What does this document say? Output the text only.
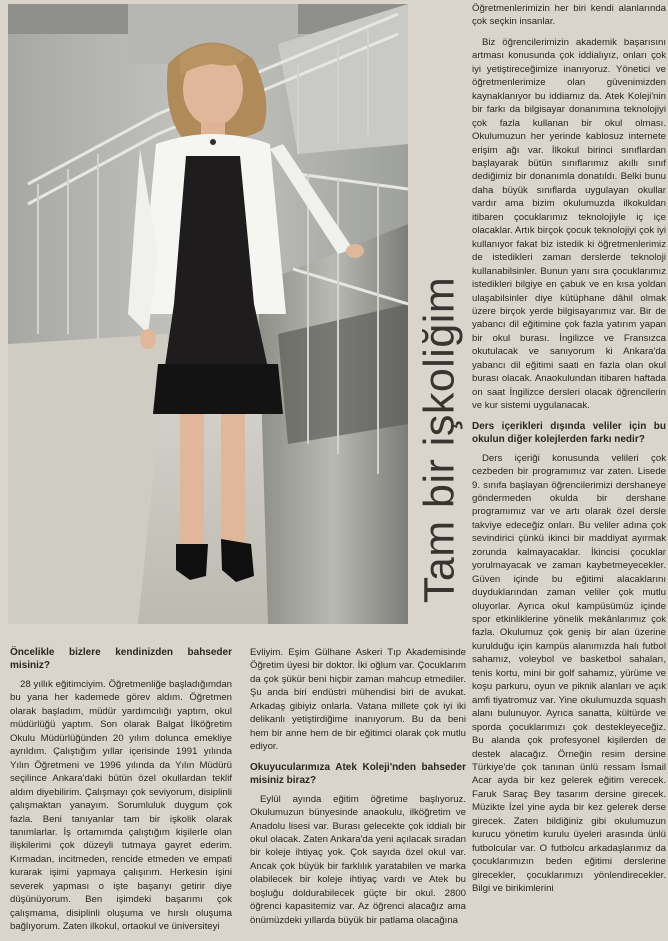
Tam bir işkoliğim

Öğretmenlerimizin her biri kendi alanlarında çok seçkin insanlar.

Biz öğrencilerimizin akademik başarısını artması konusunda çok iddialıyız, onları çok iyi yetiştireceğimize inanıyoruz. Yönetici ve öğretmenlerimize olan güvenimizden kaynaklanıyor bu iddiamız da. Atek Koleji'nin bir farkı da bilgisayar donanımına teknolojiyi çok fazla kullanan bir okul olması. Okulumuzun her yerinde kablosuz internete erişim ağı var. İlkokul birinci sınıflardan başlayarak bütün sınıflarımız akıllı sınıf dediğimiz bir donanımla donatıldı. Belki bunu daha büyük sınıflarda uygulayan okullar vardır ama bizim okulumuzda ilkokuldan itibaren çocuklarımız teknolojiyle iç içe olacaklar. Artık birçok çocuk teknolojiyi çok iyi kullanıyor fakat biz istedik ki öğretmenlerimiz de istedikleri zaman derslerde teknoloji kullanabilsinler. Bunun yanı sıra çocuklarımız istedikleri bilgiye en çabuk ve en kısa yoldan ulaşabilsinler diye kütüphane dâhil olmak üzere birçok yerde bilgisayarımız var. Bir de yabancı dil eğitimine çok fazla yatırım yapan bir okul burası. İngilizce ve Fransızca okutulacak ve sanıyorum ki Ankara'da yabancı dil eğitimi saati en fazla olan okul burası olacak. Anaokulundan itibaren haftada on saat İngilizce dersleri olacak öğrencilerin ve kur sistemi uygulanacak.

Ders içerikleri dışında veliler için bu okulun diğer kolejlerden farkı nedir?

Ders içeriği konusunda velileri çok cezbeden bir programımız var zaten. Lisede 9. sınıfa başlayan öğrencilerimizi dershaneye göndermeden okulda bir dershane programımız var ve artı olarak özel dersle takviye edeceğiz onları. Bu veliler adına çok sevindirici çünkü ikinci bir maddiyat ayırmak zorunda kalmayacaklar. İkincisi çocuklar yorulmayacak ve zaman kaybetmeyecekler. Güven içinde bu eğitimi alacaklarını duyduklarından zaman veliler çok mutlu oluyorlar. Ayrıca okul kampüsümüz içinde spor etkinliklerine yönelik mekânlarımız çok fazla. Okulumuz çok geniş bir alan üzerine kurulduğu için kampüs alanımızda halı futbol sahamız, voleybol ve basketbol sahaları, tenis kortu, mini bir golf sahamız, yürüme ve koşu parkuru, oyun ve piknik alanları ve açık amfi tiyatromuz var. Yine okulumuzda squash alanı bulunuyor. Ayrıca sanatta, kültürde ve sporda çocuklarımızı çok destekleyeceğiz. Bu alanda çok profesyonel kişilerden de destek alacağız. Örneğin resim dersine Türkiye'de çok tanınan ünlü ressam İsmail Acar ayda bir kez gelerek eğitim verecek. Faruk Saraç Bey tasarım dersine girecek. Müzikte İzel yine ayda bir kez gelerek derse girecek. Zaten bildiğiniz gibi okulumuzun kurucu yönetim kurulu üyeleri arasında ünlü futbolcular var. O futbolcu arkadaşlarımız da çocuklarımızın beden eğitimi derslerine girecekler, çocuklarımızı yönlendirecekler. Bilgi ve birikimlerini

Öncelikle bizlere kendinizden bahseder misiniz?

28 yıllık eğitimciyim. Öğretmenliğe başladığımdan bu yana her kademede görev aldım. Öğretmen olarak başladım, müdür yardımcılığı yaptım, okul müdürlüğü yaptım. Son olarak Balgat İlköğretim Okulu Müdürlüğünden 20 yılım dolunca emekliye ayrıldım. Çalıştığım yıllar içerisinde 1991 yılında Yılın Öğretmeni ve 1996 yılında da Yılın Müdürü seçilince Ankara'daki bütün özel okullardan teklif aldım diyebilirim. Çalışmayı çok seviyorum, disiplinli çalışmaktan yanayım. Sorumluluk duygum çok fazla. Beni tanıyanlar tam bir işkolik olarak tanımlarlar. İş ortamımda çalıştığım kişilerle olan ilişkilerimi çok düzeyli tutmaya gayret ederim. Kırmadan, incitmeden, rencide etmeden ve empati kurarak işimi yapmaya çalışırım. Herkesin işini severek yapması o işte başarıyı getirir diye düşünüyorum. Ben işimdeki başarımı çok çalışmama, disiplinli oluşuma ve hırslı oluşuma bağlıyorum. Zaten ilkokul, ortaokul ve üniversiteyi

Evliyim. Eşim Gülhane Askeri Tıp Akademisinde Öğretim üyesi bir doktor. İki oğlum var. Çocuklarım da çok şükür beni hiçbir zaman mahcup etmediler. Şu anda biri endüstri mühendisi biri de avukat. Arkadaş gibiyiz onlarla. Vatana millete çok iyi iki delikanlı yetiştirdiğime inanıyorum. Bu da beni hem bir anne hem de bir eğitimci olarak çok mutlu ediyor.

Okuyucularımıza Atek Koleji'nden bahseder misiniz biraz?

Eylül ayında eğitim öğretime başlıyoruz. Okulumuzun bünyesinde anaokulu, ilköğretim ve Anadolu lisesi var. Burası gelecekte çok iddialı bir okul olacak. Zaten Ankara'da yeni açılacak sıradan bir koleje ihtiyaç yok. Çok sayıda özel okul var. Ancak çok büyük bir farklılık yaratabilen ve marka olabilecek bir koleje ihtiyaç vardı ve Atek bu boşluğu doldurabilecek güçte bir okul. 2800 öğrenci kapasitemiz var. Az öğrenci alacağız ama önümüzdeki yıllarda büyük bir patlama olacağına
